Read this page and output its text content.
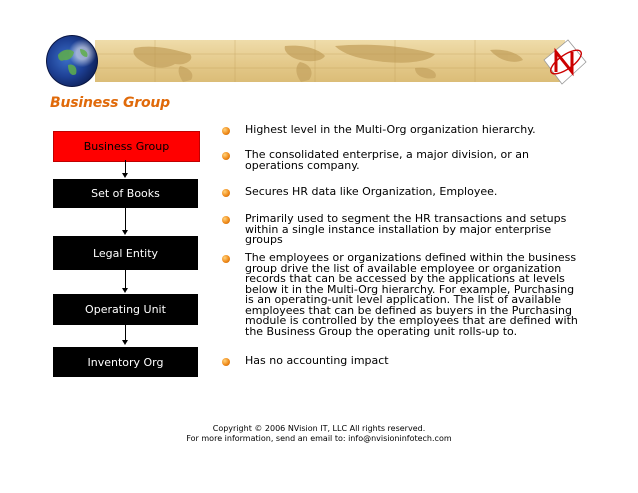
Business Group
Business Group
Set of Books
Legal Entity
Operating Unit
Inventory Org
Highest level in the Multi-Org organization hierarchy.
The consolidated enterprise, a major division, or an operations company.
Secures HR data like Organization, Employee.
Primarily used to segment the HR transactions and setups within a single instance installation by major enterprise groups
The employees or organizations defined within the business group drive the list of available employee or organization records that can be accessed by the applications at levels below it in the Multi-Org hierarchy. For example, Purchasing is an operating-unit level application. The list of available employees that can be defined as buyers in the Purchasing module is controlled by the employees that are defined with the Business Group the operating unit rolls-up to.
Has no accounting impact
Copyright © 2006 NVision IT, LLC All rights reserved.
For more information, send an email to: info@nvisioninfotech.com
